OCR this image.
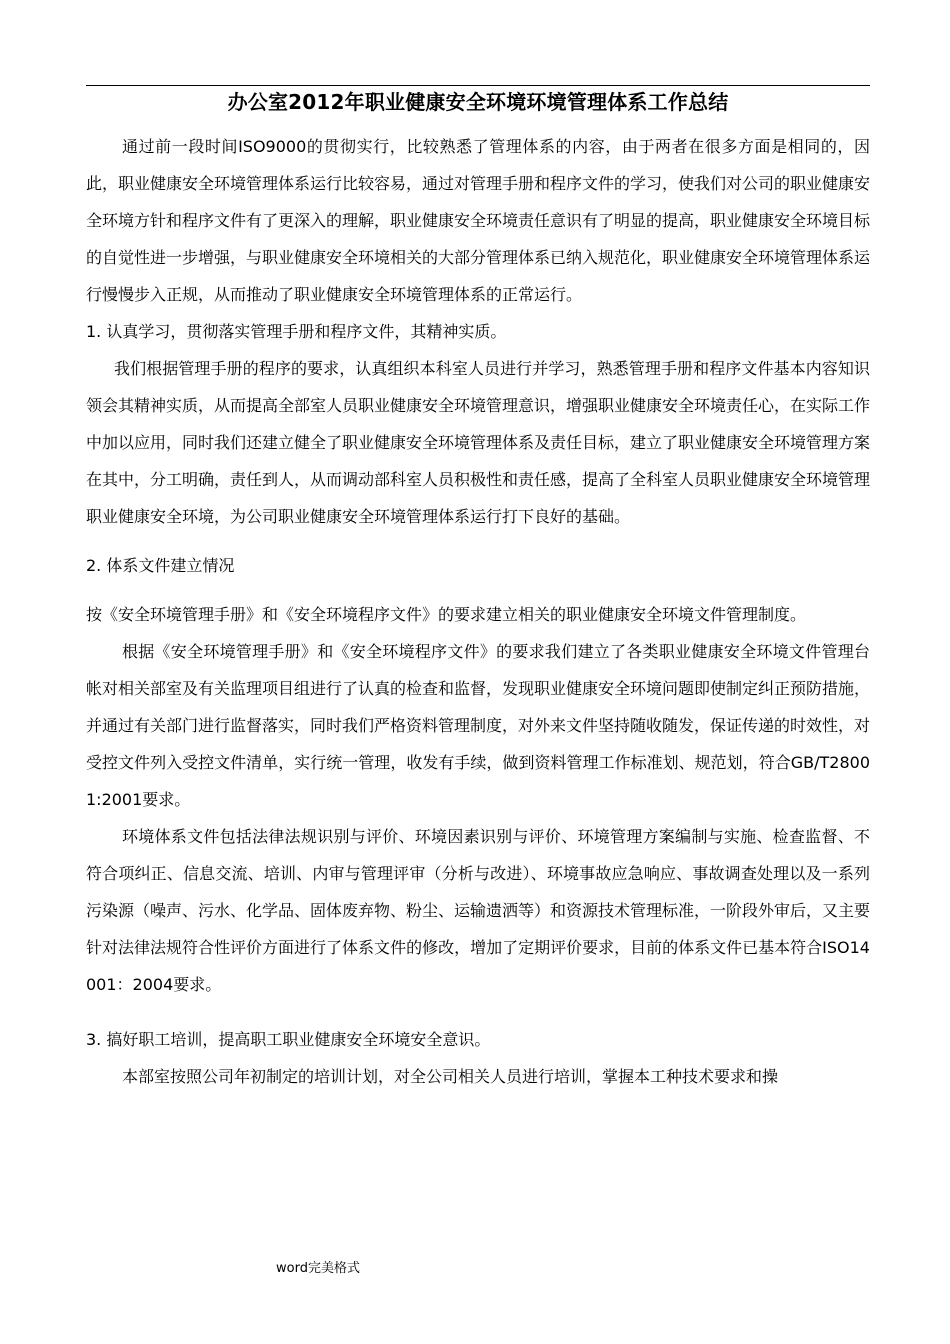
办公室2012年职业健康安全环境环境管理体系工作总结

通过前一段时间ISO9000的贯彻实行，比较熟悉了管理体系的内容，由于两者在很多方面是相同的，因此，职业健康安全环境管理体系运行比较容易，通过对管理手册和程序文件的学习，使我们对公司的职业健康安全环境方针和程序文件有了更深入的理解，职业健康安全环境责任意识有了明显的提高，职业健康安全环境目标的自觉性进一步增强，与职业健康安全环境相关的大部分管理体系已纳入规范化，职业健康安全环境管理体系运行慢慢步入正规，从而推动了职业健康安全环境管理体系的正常运行。

1. 认真学习，贯彻落实管理手册和程序文件，其精神实质。

我们根据管理手册的程序的要求，认真组织本科室人员进行并学习，熟悉管理手册和程序文件基本内容知识领会其精神实质，从而提高全部室人员职业健康安全环境管理意识，增强职业健康安全环境责任心，在实际工作中加以应用，同时我们还建立健全了职业健康安全环境管理体系及责任目标，建立了职业健康安全环境管理方案在其中，分工明确，责任到人，从而调动部科室人员积极性和责任感，提高了全科室人员职业健康安全环境管理职业健康安全环境，为公司职业健康安全环境管理体系运行打下良好的基础。

2. 体系文件建立情况

按《安全环境管理手册》和《安全环境程序文件》的要求建立相关的职业健康安全环境文件管理制度。

根据《安全环境管理手册》和《安全环境程序文件》的要求我们建立了各类职业健康安全环境文件管理台帐对相关部室及有关监理项目组进行了认真的检查和监督，发现职业健康安全环境问题即使制定纠正预防措施，并通过有关部门进行监督落实，同时我们严格资料管理制度，对外来文件坚持随收随发，保证传递的时效性，对受控文件列入受控文件清单，实行统一管理，收发有手续，做到资料管理工作标准划、规范划，符合GB/T28001:2001要求。

环境体系文件包括法律法规识别与评价、环境因素识别与评价、环境管理方案编制与实施、检查监督、不符合项纠正、信息交流、培训、内审与管理评审（分析与改进）、环境事故应急响应、事故调查处理以及一系列污染源（噪声、污水、化学品、固体废弃物、粉尘、运输遗洒等）和资源技术管理标准，一阶段外审后，又主要针对法律法规符合性评价方面进行了体系文件的修改，增加了定期评价要求，目前的体系文件已基本符合ISO14001：2004要求。

3. 搞好职工培训，提高职工职业健康安全环境安全意识。

本部室按照公司年初制定的培训计划，对全公司相关人员进行培训，掌握本工种技术要求和操

word完美格式
